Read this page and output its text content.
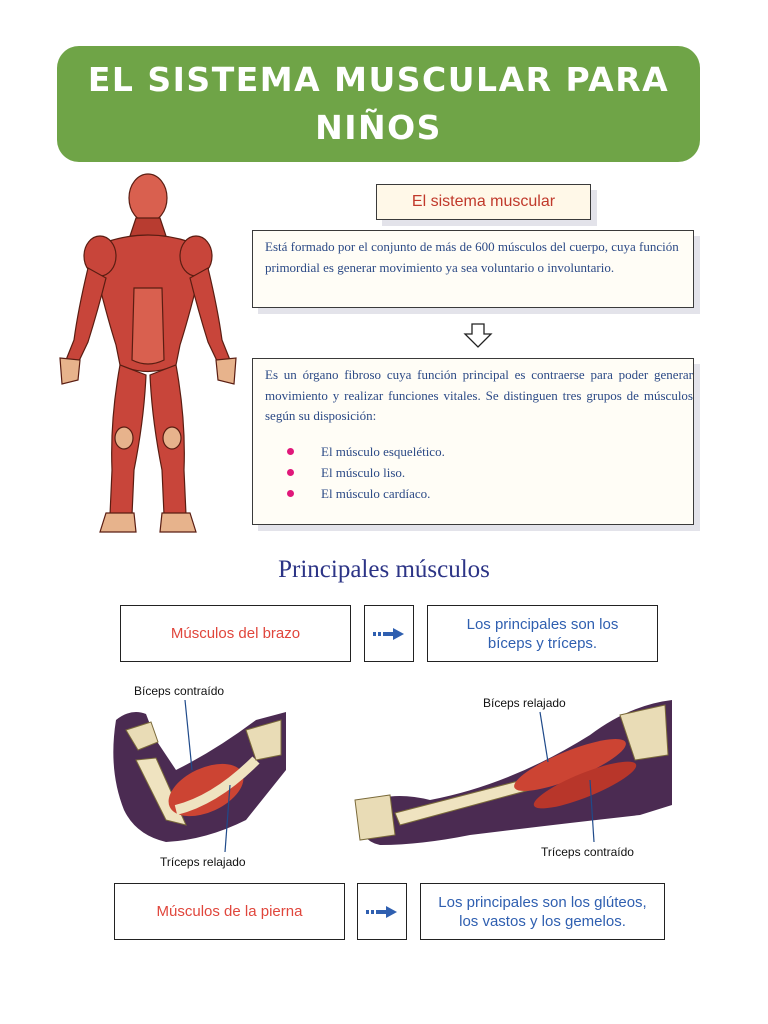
EL SISTEMA MUSCULAR PARA NIÑOS
El sistema muscular
Está formado por el conjunto de más de 600 músculos del cuerpo, cuya función primordial es generar movimiento ya sea voluntario o involuntario.
Es un órgano fibroso cuya función principal es contraerse para poder generar movimiento y realizar funciones vitales. Se distinguen tres grupos de músculos según su disposición:
El músculo esquelético.
El músculo liso.
El músculo cardíaco.
Principales músculos
Músculos del brazo
Los principales son los bíceps y tríceps.
Bíceps contraído
Tríceps relajado
Bíceps relajado
Tríceps contraído
Músculos de la pierna
Los principales son los glúteos, los vastos y los gemelos.
